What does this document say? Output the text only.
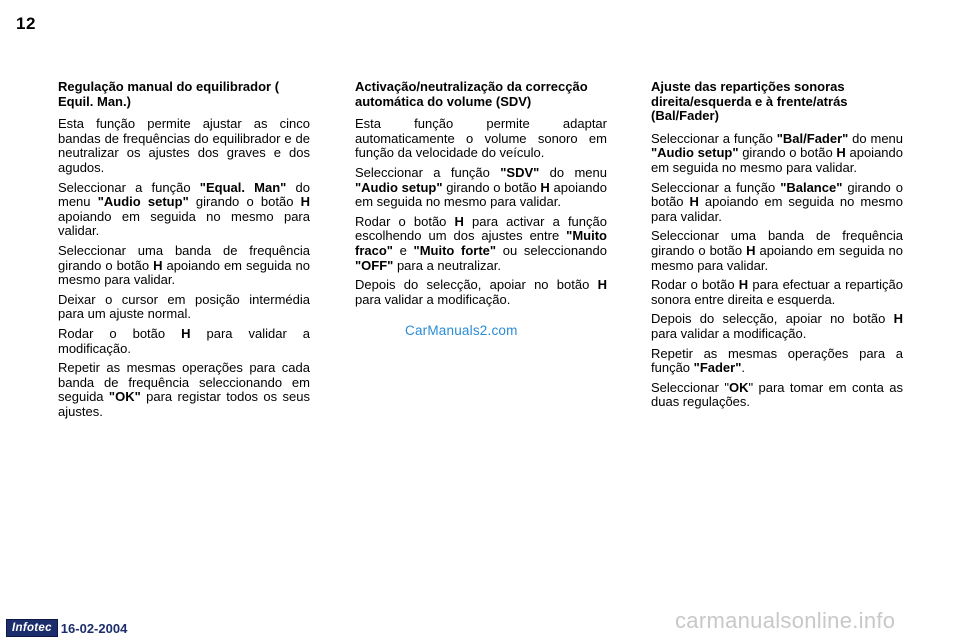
12
Regulação manual do equilibrador ( Equil. Man.)

Esta função permite ajustar as cinco bandas de frequências do equilibrador e de neutralizar os ajustes dos graves e dos agudos.

Seleccionar a função "Equal. Man" do menu "Audio setup" girando o botão H apoiando em seguida no mesmo para validar.

Seleccionar uma banda de frequência girando o botão H apoiando em seguida no mesmo para validar.

Deixar o cursor em posição intermédia para um ajuste normal.

Rodar o botão H para validar a modificação.

Repetir as mesmas operações para cada banda de frequência seleccionando em seguida "OK" para registar todos os seus ajustes.

Activação/neutralização da correcção automática do volume (SDV)

Esta função permite adaptar automaticamente o volume sonoro em função da velocidade do veículo.

Seleccionar a função "SDV" do menu "Audio setup" girando o botão H apoiando em seguida no mesmo para validar.

Rodar o botão H para activar a função escolhendo um dos ajustes entre "Muito fraco" e "Muito forte" ou seleccionando "OFF" para a neutralizar.

Depois do selecção, apoiar no botão H para validar a modificação.

Ajuste das repartições sonoras direita/esquerda e à frente/atrás (Bal/Fader)

Seleccionar a função "Bal/Fader" do menu "Audio setup" girando o botão H apoiando em seguida no mesmo para validar.

Seleccionar a função "Balance" girando o botão H apoiando em seguida no mesmo para validar.

Seleccionar uma banda de frequência girando o botão H apoiando em seguida no mesmo para validar.

Rodar o botão H para efectuar a repartição sonora entre direita e esquerda.

Depois do selecção, apoiar no botão H para validar a modificação.

Repetir as mesmas operações para a função "Fader".

Seleccionar "OK" para tomar em conta as duas regulações.

CarManuals2.com
Infotec 16-02-2004	carmanualsonline.info
